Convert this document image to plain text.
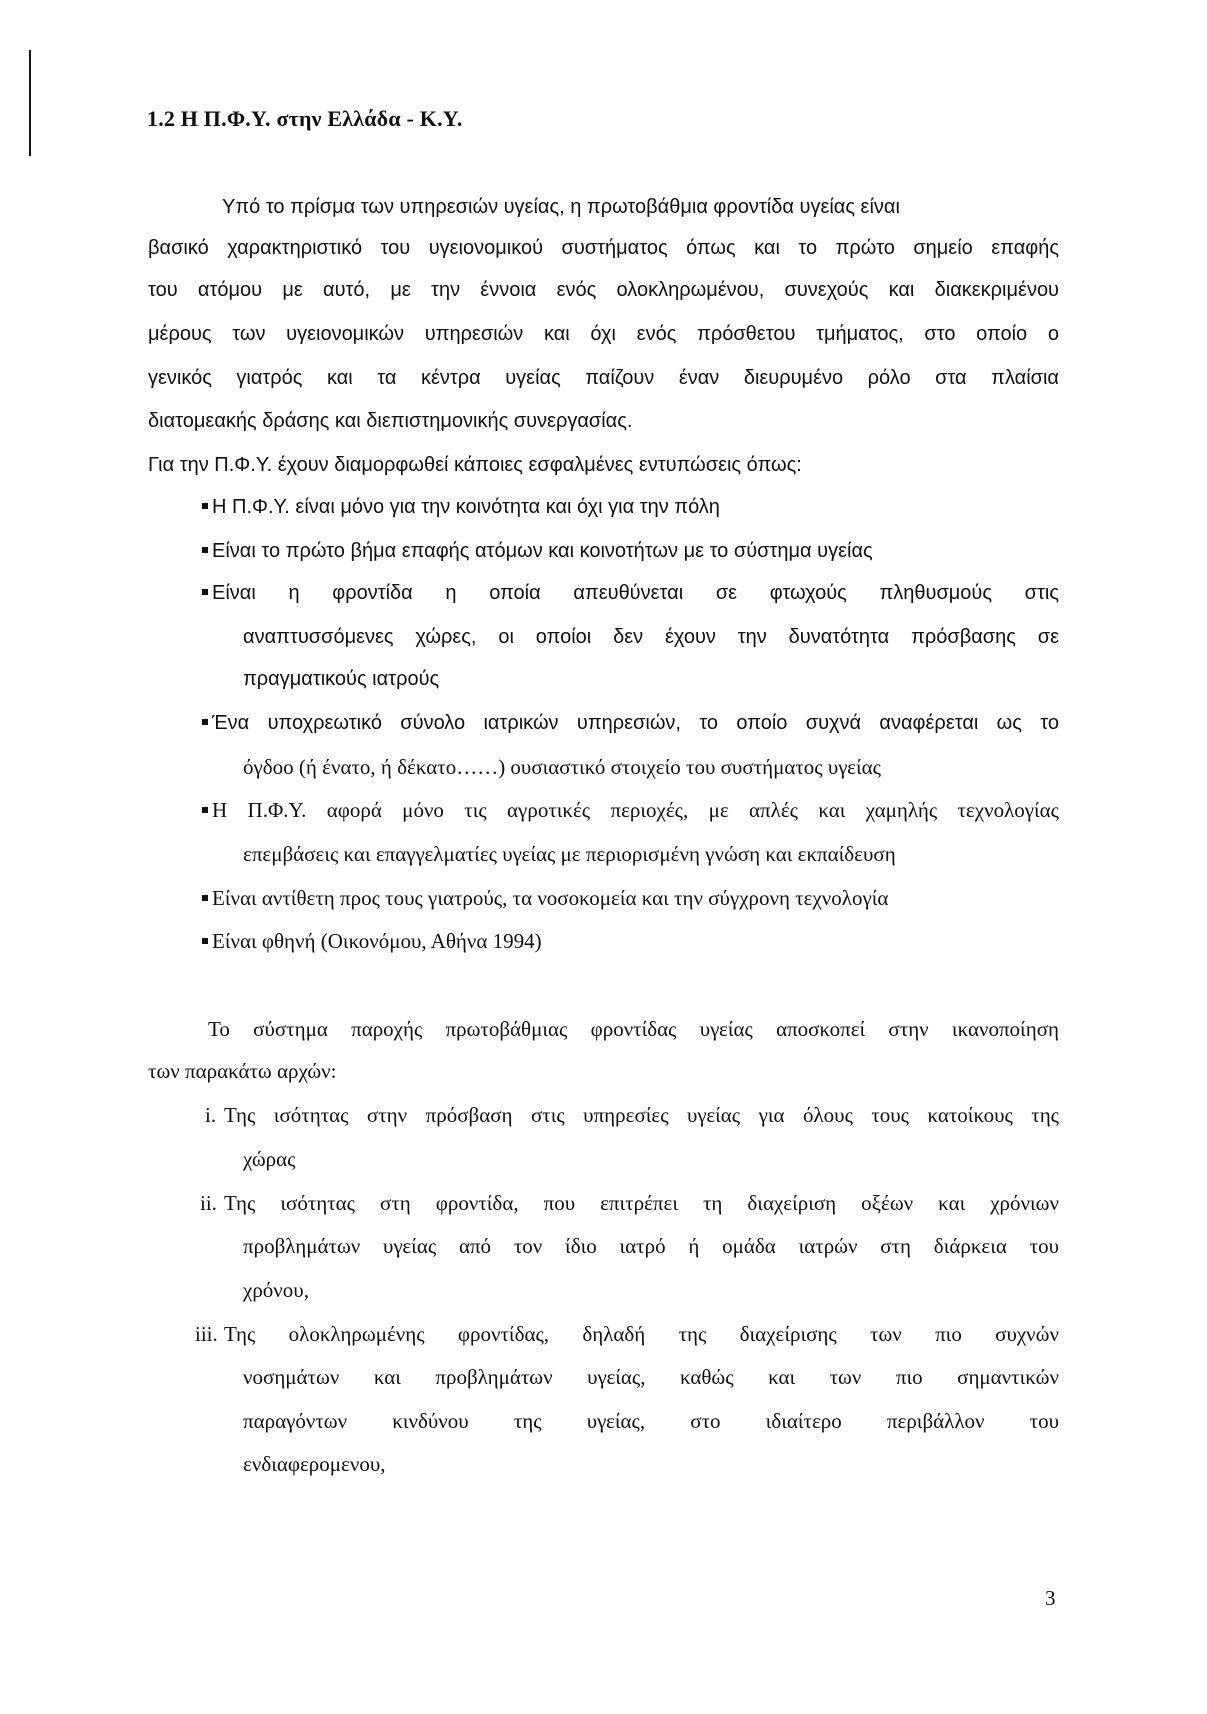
1.2 Η Π.Φ.Υ. στην Ελλάδα - Κ.Υ.
Υπό το πρίσμα των υπηρεσιών υγείας, η πρωτοβάθμια φροντίδα υγείας είναι
βασικό χαρακτηριστικό του υγειονομικού συστήματος όπως και το πρώτο σημείο επαφής
του ατόμου με αυτό, με την έννοια ενός ολοκληρωμένου, συνεχούς και διακεκριμένου
μέρους των υγειονομικών υπηρεσιών και όχι ενός πρόσθετου τμήματος, στο οποίο ο
γενικός γιατρός και τα κέντρα υγείας παίζουν έναν διευρυμένο ρόλο στα πλαίσια
διατομεακής δράσης και διεπιστημονικής συνεργασίας.
Για την Π.Φ.Υ. έχουν διαμορφωθεί κάποιες εσφαλμένες εντυπώσεις όπως:
Η Π.Φ.Υ. είναι μόνο για την κοινότητα και όχι για την πόλη
Είναι το πρώτο βήμα επαφής ατόμων και κοινοτήτων με το σύστημα υγείας
Είναι η φροντίδα η οποία απευθύνεται σε φτωχούς πληθυσμούς στις
αναπτυσσόμενες χώρες, οι οποίοι δεν έχουν την δυνατότητα πρόσβασης σε
πραγματικούς ιατρούς
Ένα υποχρεωτικό σύνολο ιατρικών υπηρεσιών, το οποίο συχνά αναφέρεται ως το
όγδοο (ή ένατο, ή δέκατο……) ουσιαστικό στοιχείο του συστήματος υγείας
Η Π.Φ.Υ. αφορά μόνο τις αγροτικές περιοχές, με απλές και χαμηλής τεχνολογίας
επεμβάσεις και επαγγελματίες υγείας με περιορισμένη γνώση και εκπαίδευση
Είναι αντίθετη προς τους γιατρούς, τα νοσοκομεία και την σύγχρονη τεχνολογία
Είναι φθηνή (Οικονόμου, Αθήνα 1994)
Το σύστημα παροχής πρωτοβάθμιας φροντίδας υγείας αποσκοπεί στην ικανοποίηση
των παρακάτω αρχών:
i. Της ισότητας στην πρόσβαση στις υπηρεσίες υγείας για όλους τους κατοίκους της
χώρας
ii. Της ισότητας στη φροντίδα, που επιτρέπει τη διαχείριση οξέων και χρόνιων
προβλημάτων υγείας από τον ίδιο ιατρό ή ομάδα ιατρών στη διάρκεια του
χρόνου,
iii. Της ολοκληρωμένης φροντίδας, δηλαδή της διαχείρισης των πιο συχνών
νοσημάτων και προβλημάτων υγείας, καθώς και των πιο σημαντικών
παραγόντων κινδύνου της υγείας, στο ιδιαίτερο περιβάλλον του
ενδιαφερομενου,
3
